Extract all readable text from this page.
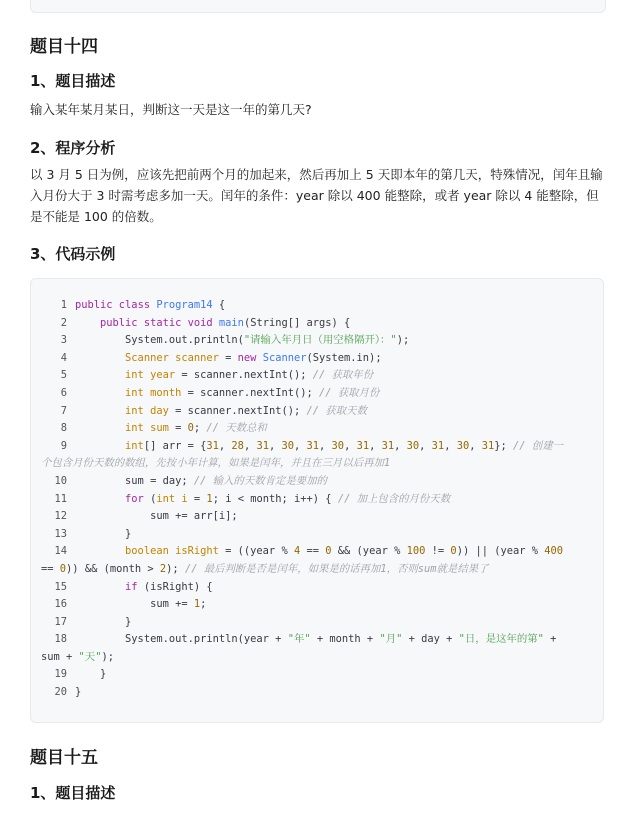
题目十四
1、题目描述

输入某年某月某日，判断这一天是这一年的第几天?

2、程序分析

以 3 月 5 日为例，应该先把前两个月的加起来，然后再加上 5 天即本年的第几天，特殊情况，闰年且输入月份大于 3 时需考虑多加一天。闰年的条件：year 除以 400 能整除，或者 year 除以 4 能整除，但是不能是 100 的倍数。

3、代码示例
1 public class Program14 {
2	public static void main(String[] args) {
3 System.out.println("请输入年月日（用空格隔开）：");
4	Scanner scanner = new Scanner(System.in);
5	int year = scanner.nextInt(); // 获取年份
6	int month = scanner.nextInt(); // 获取月份
7	int day = scanner.nextInt(); // 获取天数
8	int sum = 0; // 天数总和
9	int[] arr = {31, 28, 31, 30, 31, 30, 31, 31, 30, 31, 30, 31}; // 创建一
个包含月份天数的数组，先按小年计算，如果是闰年，并且在三月以后再加1
10 sum = day; // 输入的天数肯定是要加的
11	for (int i = 1; i < month; i++) { // 加上包含的月份天数
12 sum += arr[i];
13 }
14	boolean isRight = ((year % 4 == 0 && (year % 100 != 0)) || (year % 400
== 0)) && (month > 2); // 最后判断是否是闰年，如果是的话再加1，否则sum就是结果了
15	if (isRight) {
16 sum += 1;
17 }
18 System.out.println(year + "年" + month + "月" + day + "日，是这年的第" +
sum + "天");
19 }
20 }
题目十五
1、题目描述
